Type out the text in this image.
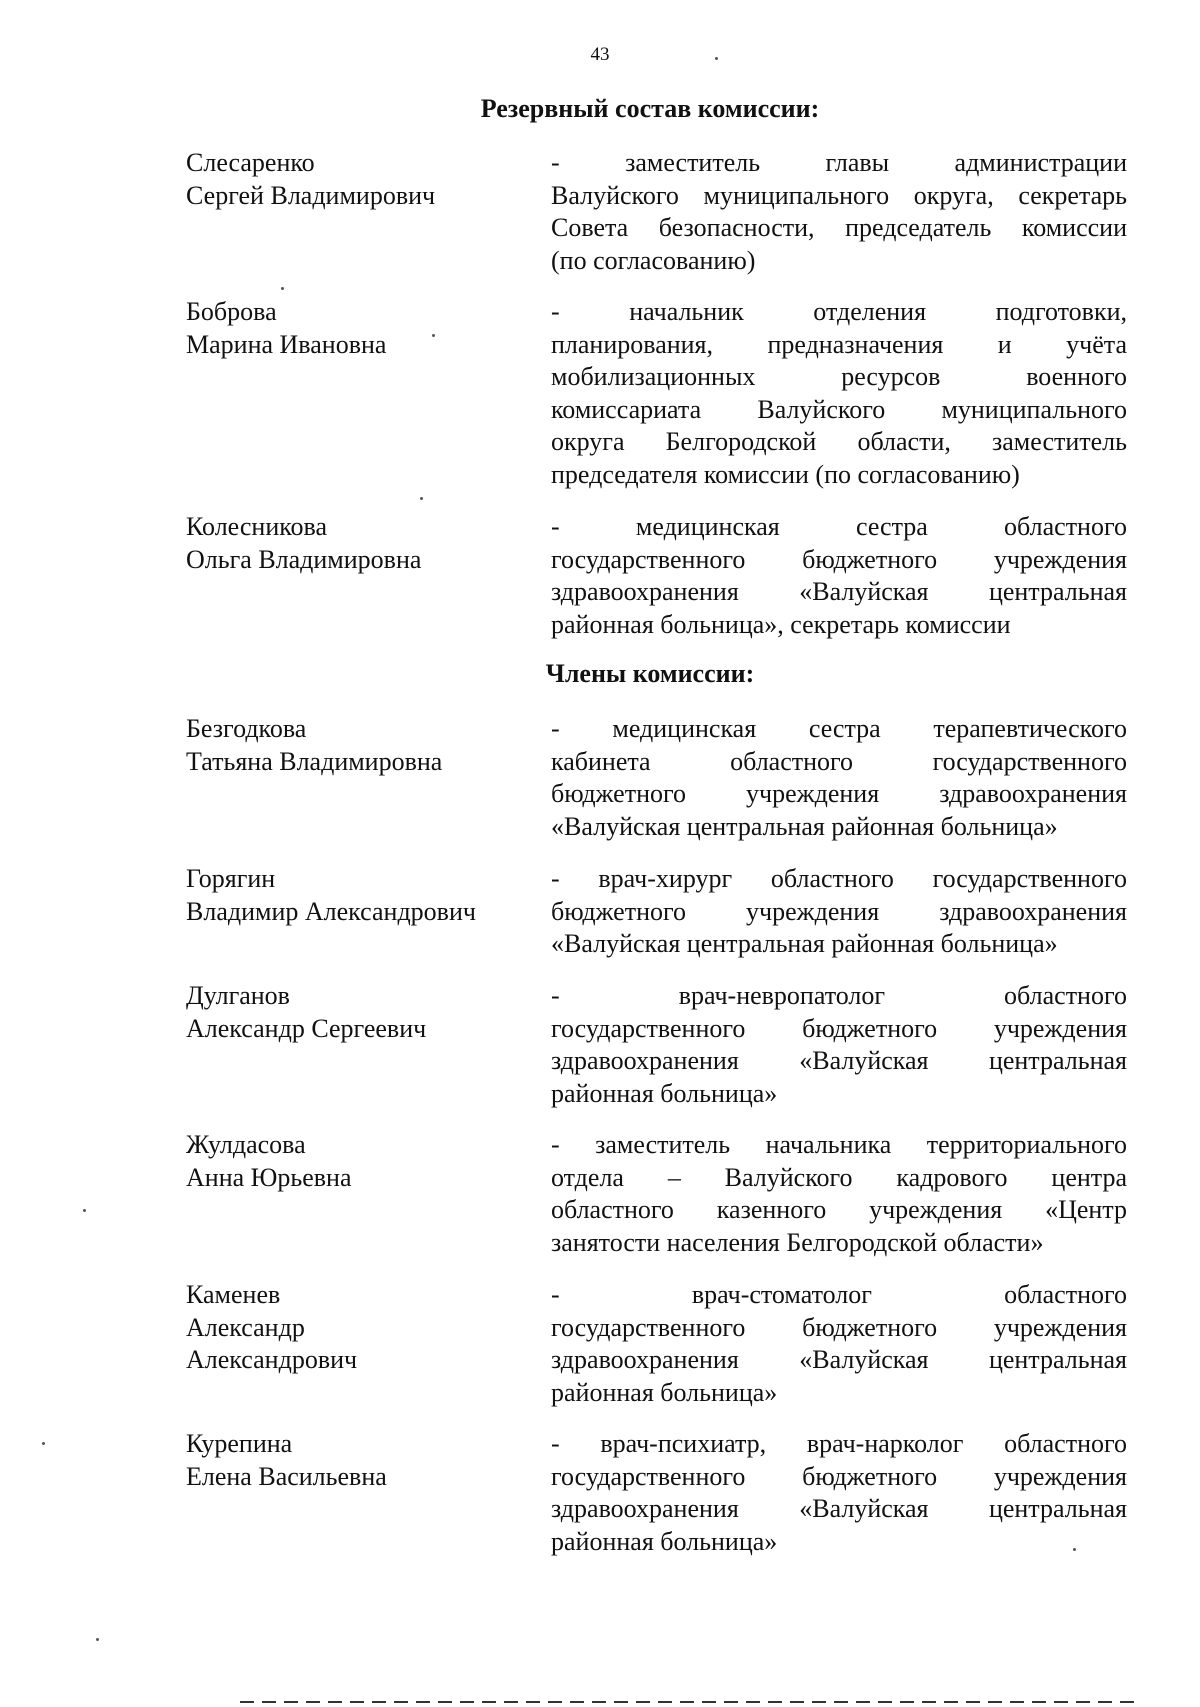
43
Резервный состав комиссии:
Слесаренко
Сергей Владимирович
- заместитель главы администрации
Валуйского муниципального округа, секретарь
Совета безопасности, председатель комиссии
(по согласованию)
Боброва
Марина Ивановна
- начальник отделения подготовки,
планирования, предназначения и учёта
мобилизационных ресурсов военного
комиссариата Валуйского муниципального
округа Белгородской области, заместитель
председателя комиссии (по согласованию)
Колесникова
Ольга Владимировна
- медицинская сестра областного
государственного бюджетного учреждения
здравоохранения «Валуйская центральная
районная больница», секретарь комиссии
Члены комиссии:
Безгодкова
Татьяна Владимировна
- медицинская сестра терапевтического
кабинета областного государственного
бюджетного учреждения здравоохранения
«Валуйская центральная районная больница»
Горягин
Владимир Александрович
- врач-хирург областного государственного
бюджетного учреждения здравоохранения
«Валуйская центральная районная больница»
Дулганов
Александр Сергеевич
- врач-невропатолог областного
государственного бюджетного учреждения
здравоохранения «Валуйская центральная
районная больница»
Жулдасова
Анна Юрьевна
- заместитель начальника территориального
отдела – Валуйского кадрового центра
областного казенного учреждения «Центр
занятости населения Белгородской области»
Каменев
Александр
Александрович
- врач-стоматолог областного
государственного бюджетного учреждения
здравоохранения «Валуйская центральная
районная больница»
Курепина
Елена Васильевна
- врач-психиатр, врач-нарколог областного
государственного бюджетного учреждения
здравоохранения «Валуйская центральная
районная больница»
